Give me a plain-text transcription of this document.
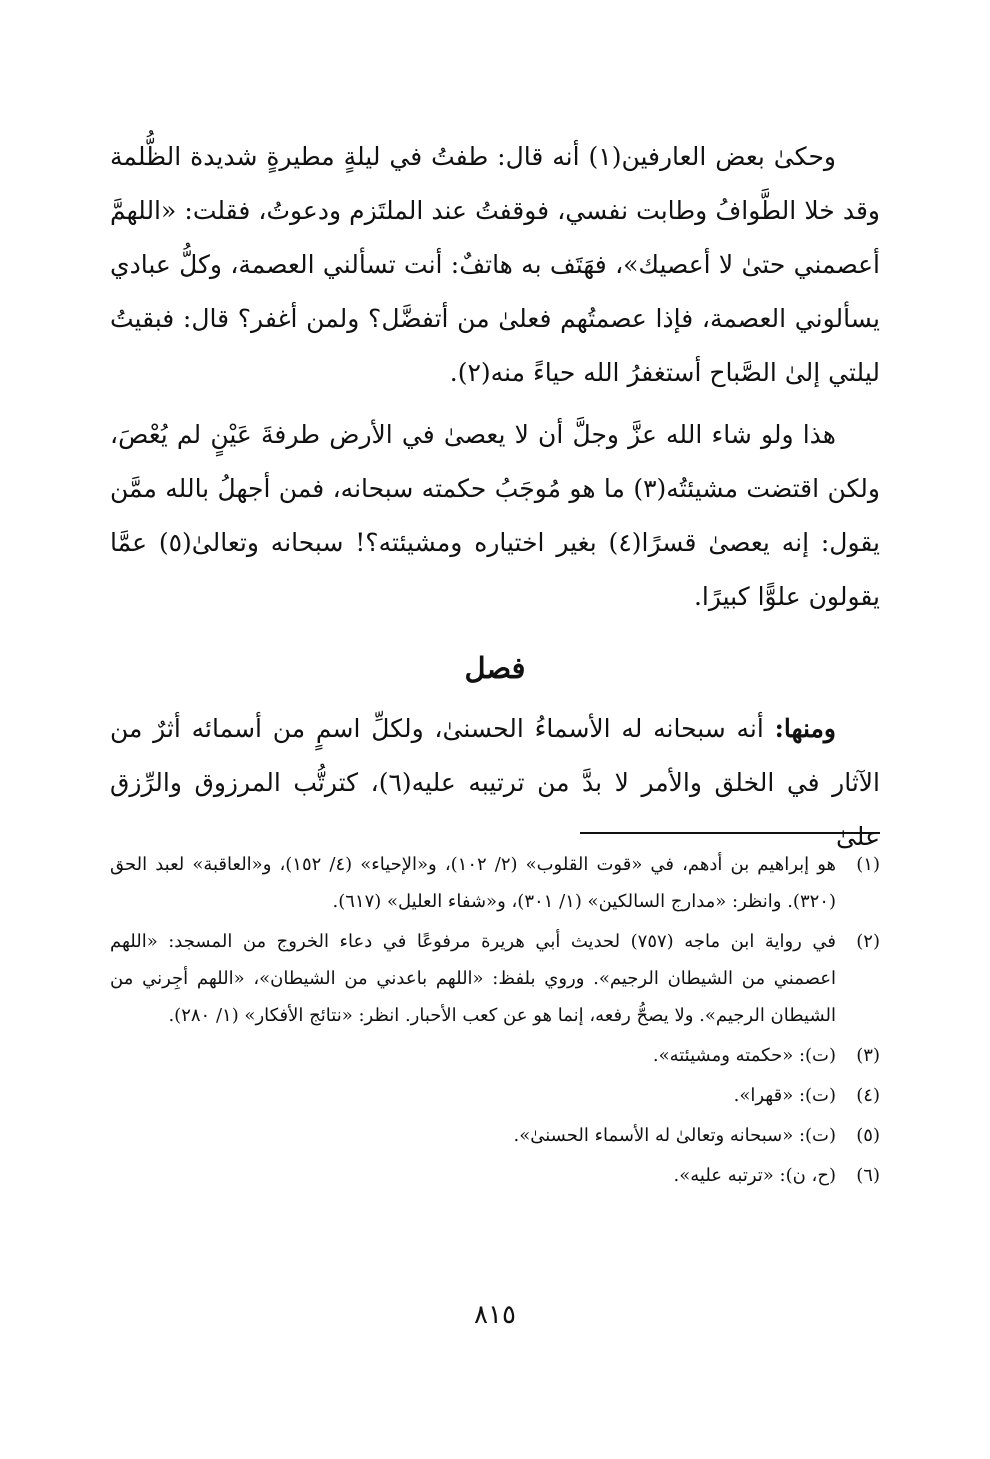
وحكىٰ بعض العارفين(١) أنه قال: طفتُ في ليلةٍ مطيرةٍ شديدة الظُّلمة وقد خلا الطَّوافُ وطابت نفسي، فوقفتُ عند الملتَزم ودعوتُ، فقلت: «اللهمَّ أعصمني حتىٰ لا أعصيك»، فهَتَف به هاتفٌ: أنت تسألني العصمة، وكلُّ عبادي يسألوني العصمة، فإذا عصمتُهم فعلىٰ من أتفضَّل؟ ولمن أغفر؟ قال: فبقيتُ ليلتي إلىٰ الصَّباح أستغفرُ الله حياءً منه(٢).

هذا ولو شاء الله عزَّ وجلَّ أن لا يعصىٰ في الأرض طرفةَ عَيْنٍ لم يُعْصَ، ولكن اقتضت مشيئتُه(٣) ما هو مُوجَبُ حكمته سبحانه، فمن أجهلُ بالله ممَّن يقول: إنه يعصىٰ قسرًا(٤) بغير اختياره ومشيئته؟! سبحانه وتعالىٰ(٥) عمَّا يقولون علوًّا كبيرًا.

فصل

ومنها: أنه سبحانه له الأسماءُ الحسنىٰ، ولكلِّ اسمٍ من أسمائه أثرٌ من الآثار في الخلق والأمر لا بدَّ من ترتيبه عليه(٦)، كترتُّب المرزوق والرِّزق علىٰ

(١)
هو إبراهيم بن أدهم، في «قوت القلوب» (٢/ ١٠٢)، و«الإحياء» (٤/ ١٥٢)، و«العاقبة» لعبد الحق (٣٢٠). وانظر: «مدارج السالكين» (١/ ٣٠١)، و«شفاء العليل» (٦١٧).
(٢)
في رواية ابن ماجه (٧٥٧) لحديث أبي هريرة مرفوعًا في دعاء الخروج من المسجد: «اللهم اعصمني من الشيطان الرجيم». وروي بلفظ: «اللهم باعدني من الشيطان»، «اللهم أجِرني من الشيطان الرجيم». ولا يصحُّ رفعه، إنما هو عن كعب الأحبار. انظر: «نتائج الأفكار» (١/ ٢٨٠).
(٣)
(ت): «حكمته ومشيئته».
(٤)
(ت): «قهرا».
(٥)
(ت): «سبحانه وتعالىٰ له الأسماء الحسنىٰ».
(٦)
(ح، ن): «ترتبه عليه».
٨١٥
